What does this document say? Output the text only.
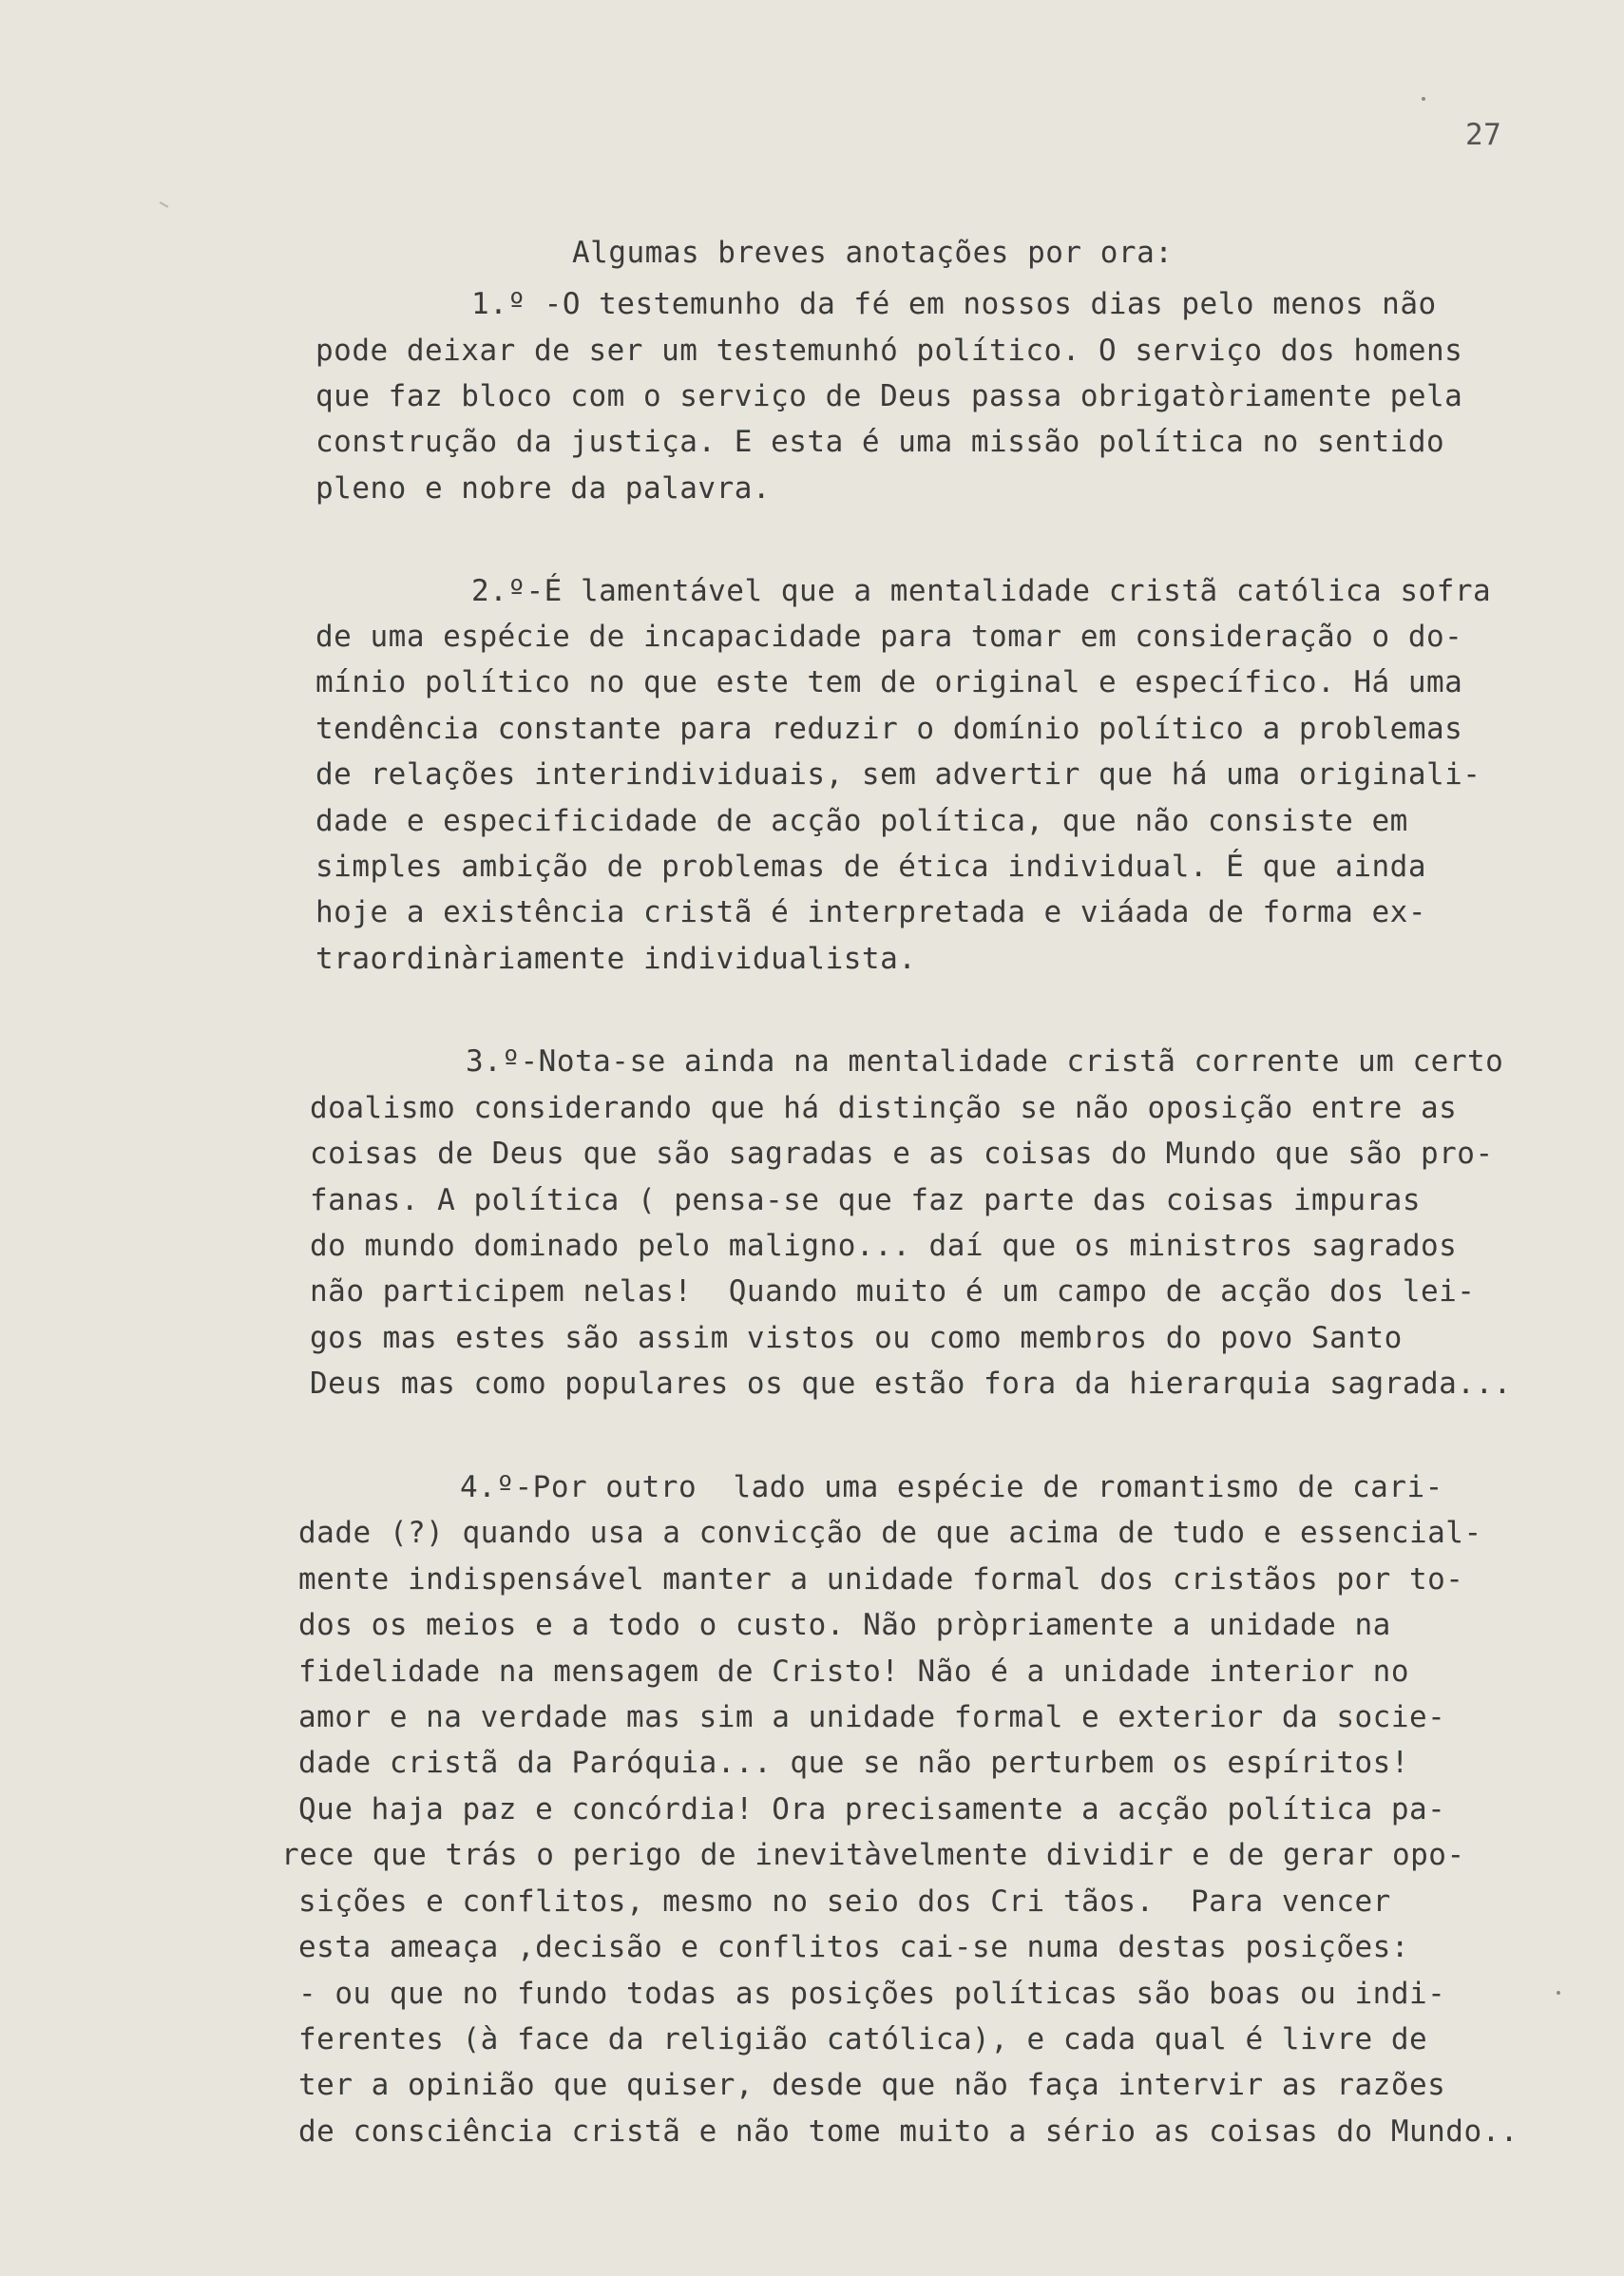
27

Algumas breves anotações por ora:

1.º -O testemunho da fé em nossos dias pelo menos não

pode deixar de ser um testemunhó político. O serviço dos homens

que faz bloco com o serviço de Deus passa obrigatòriamente pela

construção da justiça. E esta é uma missão política no sentido

pleno e nobre da palavra.

2.º-É lamentável que a mentalidade cristã católica sofra

de uma espécie de incapacidade para tomar em consideração o do-

mínio político no que este tem de original e específico. Há uma

tendência constante para reduzir o domínio político a problemas

de relações interindividuais, sem advertir que há uma originali-

dade e especificidade de acção política, que não consiste em

simples ambição de problemas de ética individual. É que ainda

hoje a existência cristã é interpretada e viáada de forma ex-

traordinàriamente individualista.

3.º-Nota-se ainda na mentalidade cristã corrente um certo

doalismo considerando que há distinção se não oposição entre as

coisas de Deus que são sagradas e as coisas do Mundo que são pro-

fanas. A política ( pensa-se que faz parte das coisas impuras

do mundo dominado pelo maligno... daí que os ministros sagrados

não participem nelas!  Quando muito é um campo de acção dos lei-

gos mas estes são assim vistos ou como membros do povo Santo

Deus mas como populares os que estão fora da hierarquia sagrada...

4.º-Por outro  lado uma espécie de romantismo de cari-

dade (?) quando usa a convicção de que acima de tudo e essencial-

mente indispensável manter a unidade formal dos cristãos por to-

dos os meios e a todo o custo. Não pròpriamente a unidade na

fidelidade na mensagem de Cristo! Não é a unidade interior no

amor e na verdade mas sim a unidade formal e exterior da socie-

dade cristã da Paróquia... que se não perturbem os espíritos!

Que haja paz e concórdia! Ora precisamente a acção política pa-

rece que trás o perigo de inevitàvelmente dividir e de gerar opo-

sições e conflitos, mesmo no seio dos Cri tãos.  Para vencer

esta ameaça ,decisão e conflitos cai-se numa destas posições:

- ou que no fundo todas as posições políticas são boas ou indi-

ferentes (à face da religião católica), e cada qual é livre de

ter a opinião que quiser, desde que não faça intervir as razões

de consciência cristã e não tome muito a sério as coisas do Mundo..
